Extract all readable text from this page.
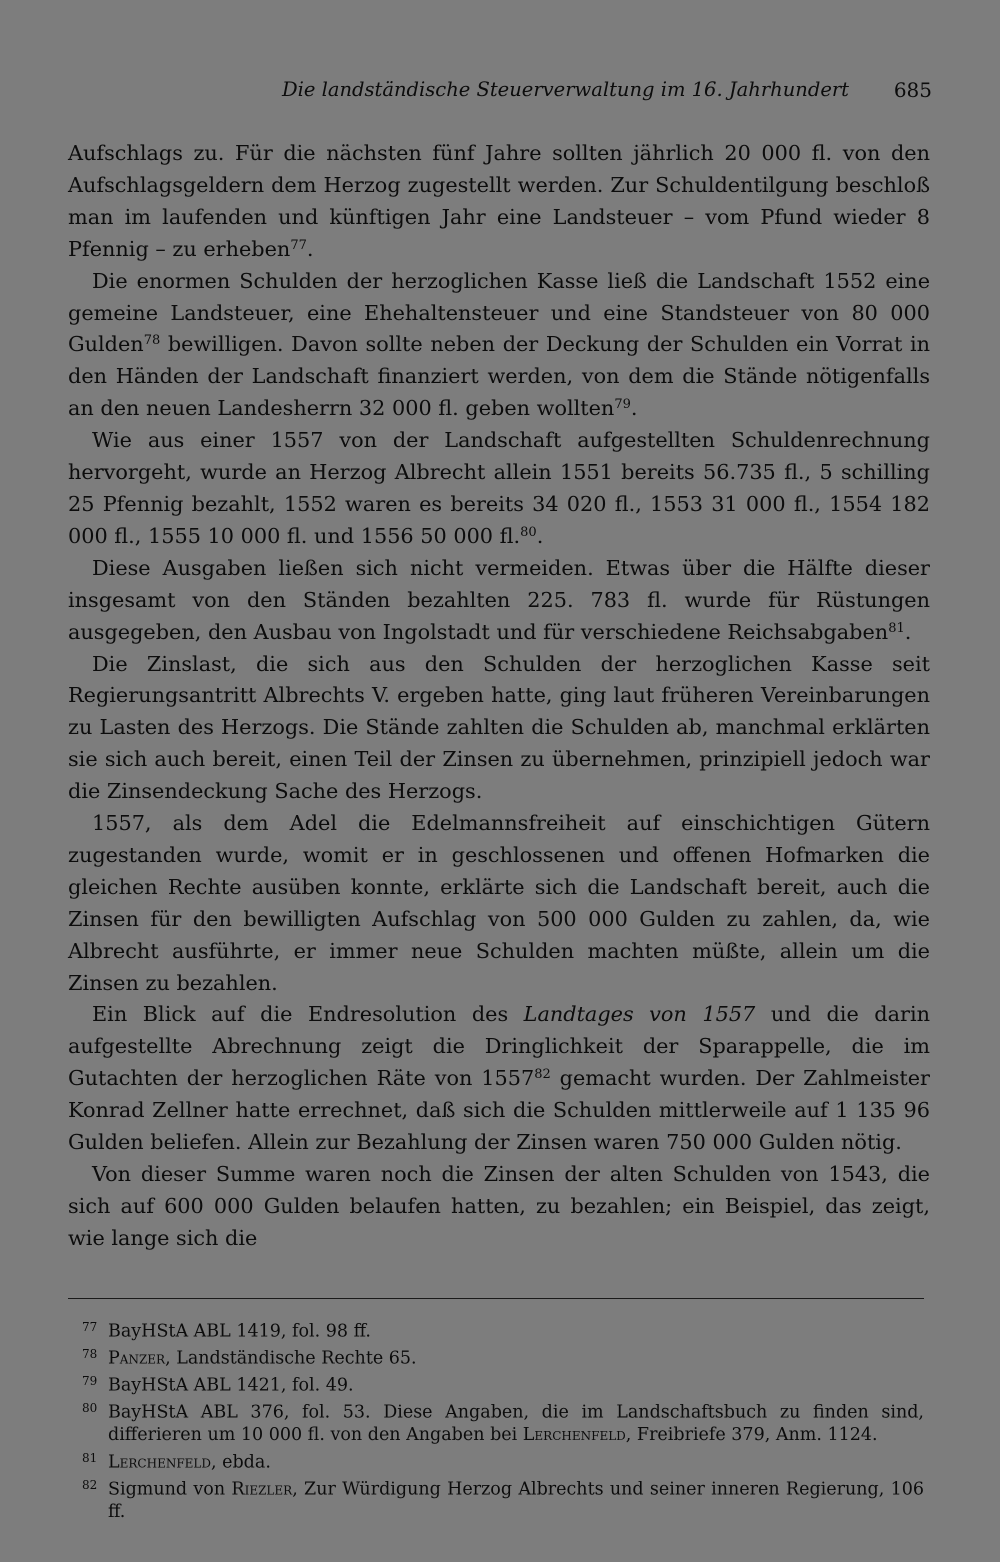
Die landständische Steuerverwaltung im 16. Jahrhundert 685

Aufschlags zu. Für die nächsten fünf Jahre sollten jährlich 20 000 fl. von den Aufschlagsgeldern dem Herzog zugestellt werden. Zur Schuldentilgung beschloß man im laufenden und künftigen Jahr eine Landsteuer – vom Pfund wieder 8 Pfennig – zu erheben$^{77}$.

Die enormen Schulden der herzoglichen Kasse ließ die Landschaft 1552 eine gemeine Landsteuer, eine Ehehaltensteuer und eine Standsteuer von 80 000 Gulden$^{78}$ bewilligen. Davon sollte neben der Deckung der Schulden ein Vorrat in den Händen der Landschaft finanziert werden, von dem die Stände nötigenfalls an den neuen Landesherrn 32 000 fl. geben wollten$^{79}$.

Wie aus einer 1557 von der Landschaft aufgestellten Schuldenrechnung hervorgeht, wurde an Herzog Albrecht allein 1551 bereits 56.735 fl., 5 schilling 25 Pfennig bezahlt, 1552 waren es bereits 34 020 fl., 1553 31 000 fl., 1554 182 000 fl., 1555 10 000 fl. und 1556 50 000 fl.$^{80}$.

Diese Ausgaben ließen sich nicht vermeiden. Etwas über die Hälfte dieser insgesamt von den Ständen bezahlten 225. 783 fl. wurde für Rüstungen ausgegeben, den Ausbau von Ingolstadt und für verschiedene Reichsabgaben$^{81}$.

Die Zinslast, die sich aus den Schulden der herzoglichen Kasse seit Regierungsantritt Albrechts V. ergeben hatte, ging laut früheren Vereinbarungen zu Lasten des Herzogs. Die Stände zahlten die Schulden ab, manchmal erklärten sie sich auch bereit, einen Teil der Zinsen zu übernehmen, prinzipiell jedoch war die Zinsendeckung Sache des Herzogs.

1557, als dem Adel die Edelmannsfreiheit auf einschichtigen Gütern zugestanden wurde, womit er in geschlossenen und offenen Hofmarken die gleichen Rechte ausüben konnte, erklärte sich die Landschaft bereit, auch die Zinsen für den bewilligten Aufschlag von 500 000 Gulden zu zahlen, da, wie Albrecht ausführte, er immer neue Schulden machten müßte, allein um die Zinsen zu bezahlen.

Ein Blick auf die Endresolution des Landtages von 1557 und die darin aufgestellte Abrechnung zeigt die Dringlichkeit der Sparappelle, die im Gutachten der herzoglichen Räte von 1557$^{82}$ gemacht wurden. Der Zahlmeister Konrad Zellner hatte errechnet, daß sich die Schulden mittlerweile auf 1 135 96 Gulden beliefen. Allein zur Bezahlung der Zinsen waren 750 000 Gulden nötig.

Von dieser Summe waren noch die Zinsen der alten Schulden von 1543, die sich auf 600 000 Gulden belaufen hatten, zu bezahlen; ein Beispiel, das zeigt, wie lange sich die

77 BayHStA ABL 1419, fol. 98 ff.

78 Panzer, Landständische Rechte 65.

79 BayHStA ABL 1421, fol. 49.

80 BayHStA ABL 376, fol. 53. Diese Angaben, die im Landschaftsbuch zu finden sind, differieren um 10 000 fl. von den Angaben bei Lerchenfeld, Freibriefe 379, Anm. 1124.

81 Lerchenfeld, ebda.

82 Sigmund von Riezler, Zur Würdigung Herzog Albrechts und seiner inneren Regierung, 106 ff.
